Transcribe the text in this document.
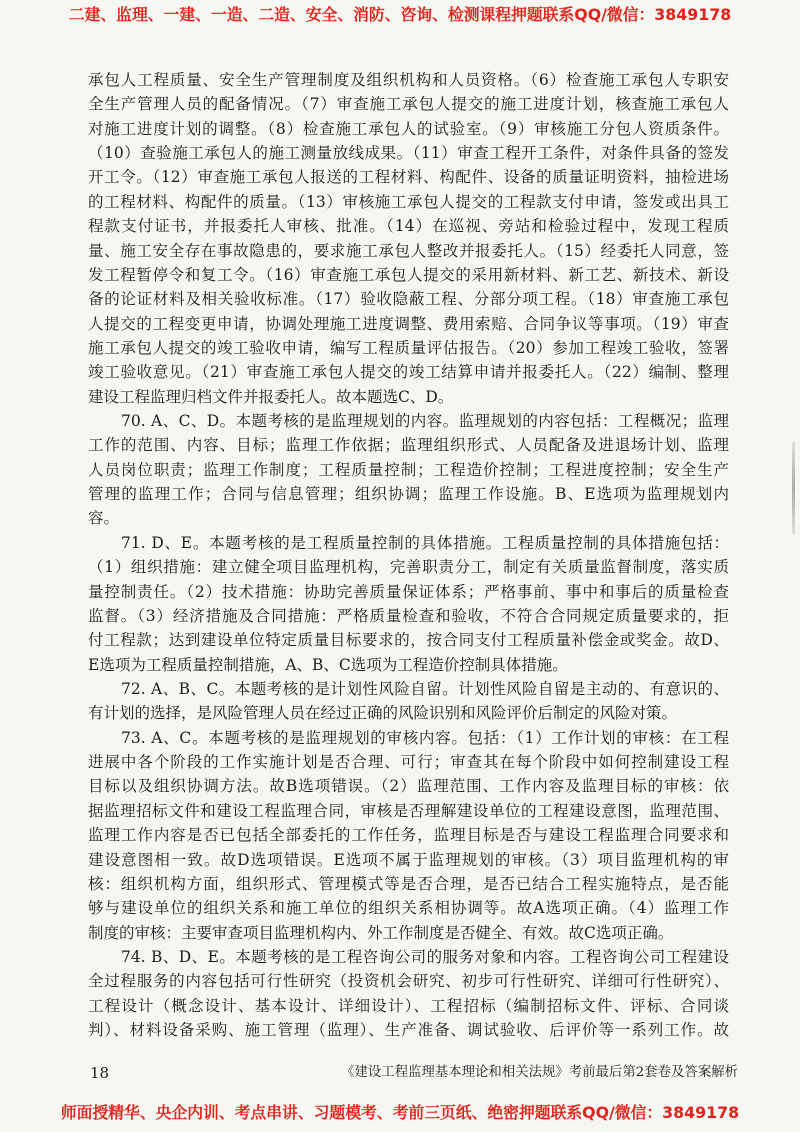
二建、监理、一建、一造、二造、安全、消防、咨询、检测课程押题联系QQ/微信：3849178
承包人工程质量、安全生产管理制度及组织机构和人员资格。（6）检查施工承包人专职安
全生产管理人员的配备情况。（7）审查施工承包人提交的施工进度计划，核查施工承包人
对施工进度计划的调整。（8）检查施工承包人的试验室。（9）审核施工分包人资质条件。
（10）查验施工承包人的施工测量放线成果。（11）审查工程开工条件，对条件具备的签发
开工令。（12）审查施工承包人报送的工程材料、构配件、设备的质量证明资料，抽检进场
的工程材料、构配件的质量。（13）审核施工承包人提交的工程款支付申请，签发或出具工
程款支付证书，并报委托人审核、批准。（14）在巡视、旁站和检验过程中，发现工程质
量、施工安全存在事故隐患的，要求施工承包人整改并报委托人。（15）经委托人同意，签
发工程暂停令和复工令。（16）审查施工承包人提交的采用新材料、新工艺、新技术、新设
备的论证材料及相关验收标准。（17）验收隐蔽工程、分部分项工程。（18）审查施工承包
人提交的工程变更申请，协调处理施工进度调整、费用索赔、合同争议等事项。（19）审查
施工承包人提交的竣工验收申请，编写工程质量评估报告。（20）参加工程竣工验收，签署
竣工验收意见。（21）审查施工承包人提交的竣工结算申请并报委托人。（22）编制、整理
建设工程监理归档文件并报委托人。故本题选C、D。
70. A、C、D。本题考核的是监理规划的内容。监理规划的内容包括：工程概况；监理
工作的范围、内容、目标；监理工作依据；监理组织形式、人员配备及进退场计划、监理
人员岗位职责；监理工作制度；工程质量控制；工程造价控制；工程进度控制；安全生产
管理的监理工作；合同与信息管理；组织协调；监理工作设施。B、E选项为监理规划内
容。
71. D、E。本题考核的是工程质量控制的具体措施。工程质量控制的具体措施包括：
（1）组织措施：建立健全项目监理机构，完善职责分工，制定有关质量监督制度，落实质
量控制责任。（2）技术措施：协助完善质量保证体系；严格事前、事中和事后的质量检查
监督。（3）经济措施及合同措施：严格质量检查和验收，不符合合同规定质量要求的，拒
付工程款；达到建设单位特定质量目标要求的，按合同支付工程质量补偿金或奖金。故D、
E选项为工程质量控制措施，A、B、C选项为工程造价控制具体措施。
72. A、B、C。本题考核的是计划性风险自留。计划性风险自留是主动的、有意识的、
有计划的选择，是风险管理人员在经过正确的风险识别和风险评价后制定的风险对策。
73. A、C。本题考核的是监理规划的审核内容。包括：（1）工作计划的审核：在工程
进展中各个阶段的工作实施计划是否合理、可行；审查其在每个阶段中如何控制建设工程
目标以及组织协调方法。故B选项错误。（2）监理范围、工作内容及监理目标的审核：依
据监理招标文件和建设工程监理合同，审核是否理解建设单位的工程建设意图，监理范围、
监理工作内容是否已包括全部委托的工作任务，监理目标是否与建设工程监理合同要求和
建设意图相一致。故D选项错误。E选项不属于监理规划的审核。（3）项目监理机构的审
核：组织机构方面，组织形式、管理模式等是否合理，是否已结合工程实施特点，是否能
够与建设单位的组织关系和施工单位的组织关系相协调等。故A选项正确。（4）监理工作
制度的审核：主要审查项目监理机构内、外工作制度是否健全、有效。故C选项正确。
74. B、D、E。本题考核的是工程咨询公司的服务对象和内容。工程咨询公司工程建设
全过程服务的内容包括可行性研究（投资机会研究、初步可行性研究、详细可行性研究）、
工程设计（概念设计、基本设计、详细设计）、工程招标（编制招标文件、评标、合同谈
判）、材料设备采购、施工管理（监理）、生产准备、调试验收、后评价等一系列工作。故
18	《建设工程监理基本理论和相关法规》考前最后第2套卷及答案解析
师面授精华、央企内训、考点串讲、习题模考、考前三页纸、绝密押题联系QQ/微信：3849178
